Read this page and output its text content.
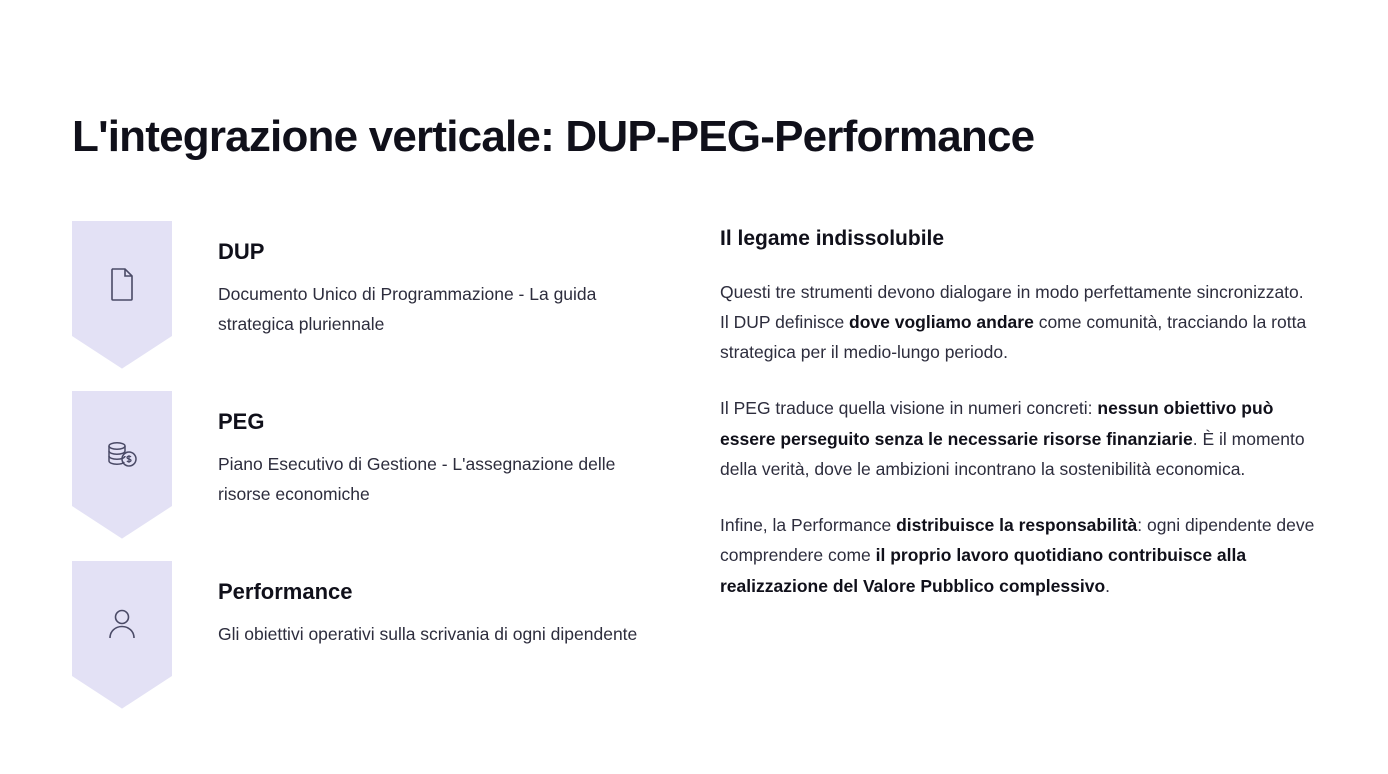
L'integrazione verticale: DUP-PEG-Performance
DUP

Documento Unico di Programmazione - La guida strategica pluriennale

PEG

Piano Esecutivo di Gestione - L'assegnazione delle risorse economiche

Performance

Gli obiettivi operativi sulla scrivania di ogni dipendente

Il legame indissolubile

Questi tre strumenti devono dialogare in modo perfettamente sincronizzato. Il DUP definisce dove vogliamo andare come comunità, tracciando la rotta strategica per il medio-lungo periodo.

Il PEG traduce quella visione in numeri concreti: nessun obiettivo può essere perseguito senza le necessarie risorse finanziarie. È il momento della verità, dove le ambizioni incontrano la sostenibilità economica.

Infine, la Performance distribuisce la responsabilità: ogni dipendente deve comprendere come il proprio lavoro quotidiano contribuisce alla realizzazione del Valore Pubblico complessivo.
